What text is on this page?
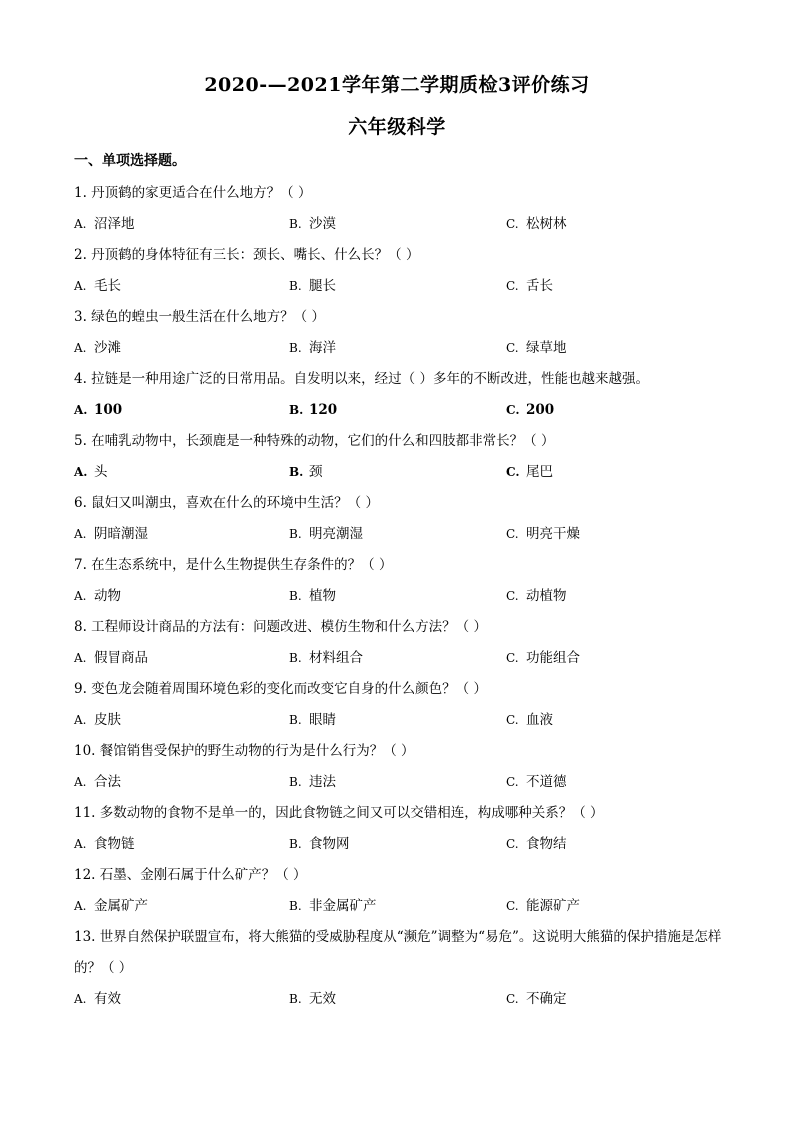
2020-—2021学年第二学期质检3评价练习
六年级科学
一、单项选择题。
1. 丹顶鹤的家更适合在什么地方？（ ）
A. 沼泽地	B. 沙漠	C. 松树林
2. 丹顶鹤的身体特征有三长：颈长、嘴长、什么长？（ ）
A. 毛长	B. 腿长	C. 舌长
3. 绿色的蝗虫一般生活在什么地方？（ ）
A. 沙滩	B. 海洋	C. 绿草地
4. 拉链是一种用途广泛的日常用品。自发明以来，经过（ ）多年的不断改进，性能也越来越强。
A. 100	B. 120	C. 200
5. 在哺乳动物中，长颈鹿是一种特殊的动物，它们的什么和四肢都非常长？（ ）
A. 头	B. 颈	C. 尾巴
6. 鼠妇又叫潮虫，喜欢在什么的环境中生活？（ ）
A. 阴暗潮湿	B. 明亮潮湿	C. 明亮干燥
7. 在生态系统中，是什么生物提供生存条件的？（ ）
A. 动物	B. 植物	C. 动植物
8. 工程师设计商品的方法有：问题改进、模仿生物和什么方法？（ ）
A. 假冒商品	B. 材料组合	C. 功能组合
9. 变色龙会随着周围环境色彩的变化而改变它自身的什么颜色？（ ）
A. 皮肤	B. 眼睛	C. 血液
10. 餐馆销售受保护的野生动物的行为是什么行为？（ ）
A. 合法	B. 违法	C. 不道德
11. 多数动物的食物不是单一的，因此食物链之间又可以交错相连，构成哪种关系？（ ）
A. 食物链	B. 食物网	C. 食物结
12. 石墨、金刚石属于什么矿产？（ ）
A. 金属矿产	B. 非金属矿产	C. 能源矿产
13. 世界自然保护联盟宣布，将大熊猫的受威胁程度从“濒危”调整为“易危”。这说明大熊猫的保护措施是怎样的？（ ）
A. 有效	B. 无效	C. 不确定
